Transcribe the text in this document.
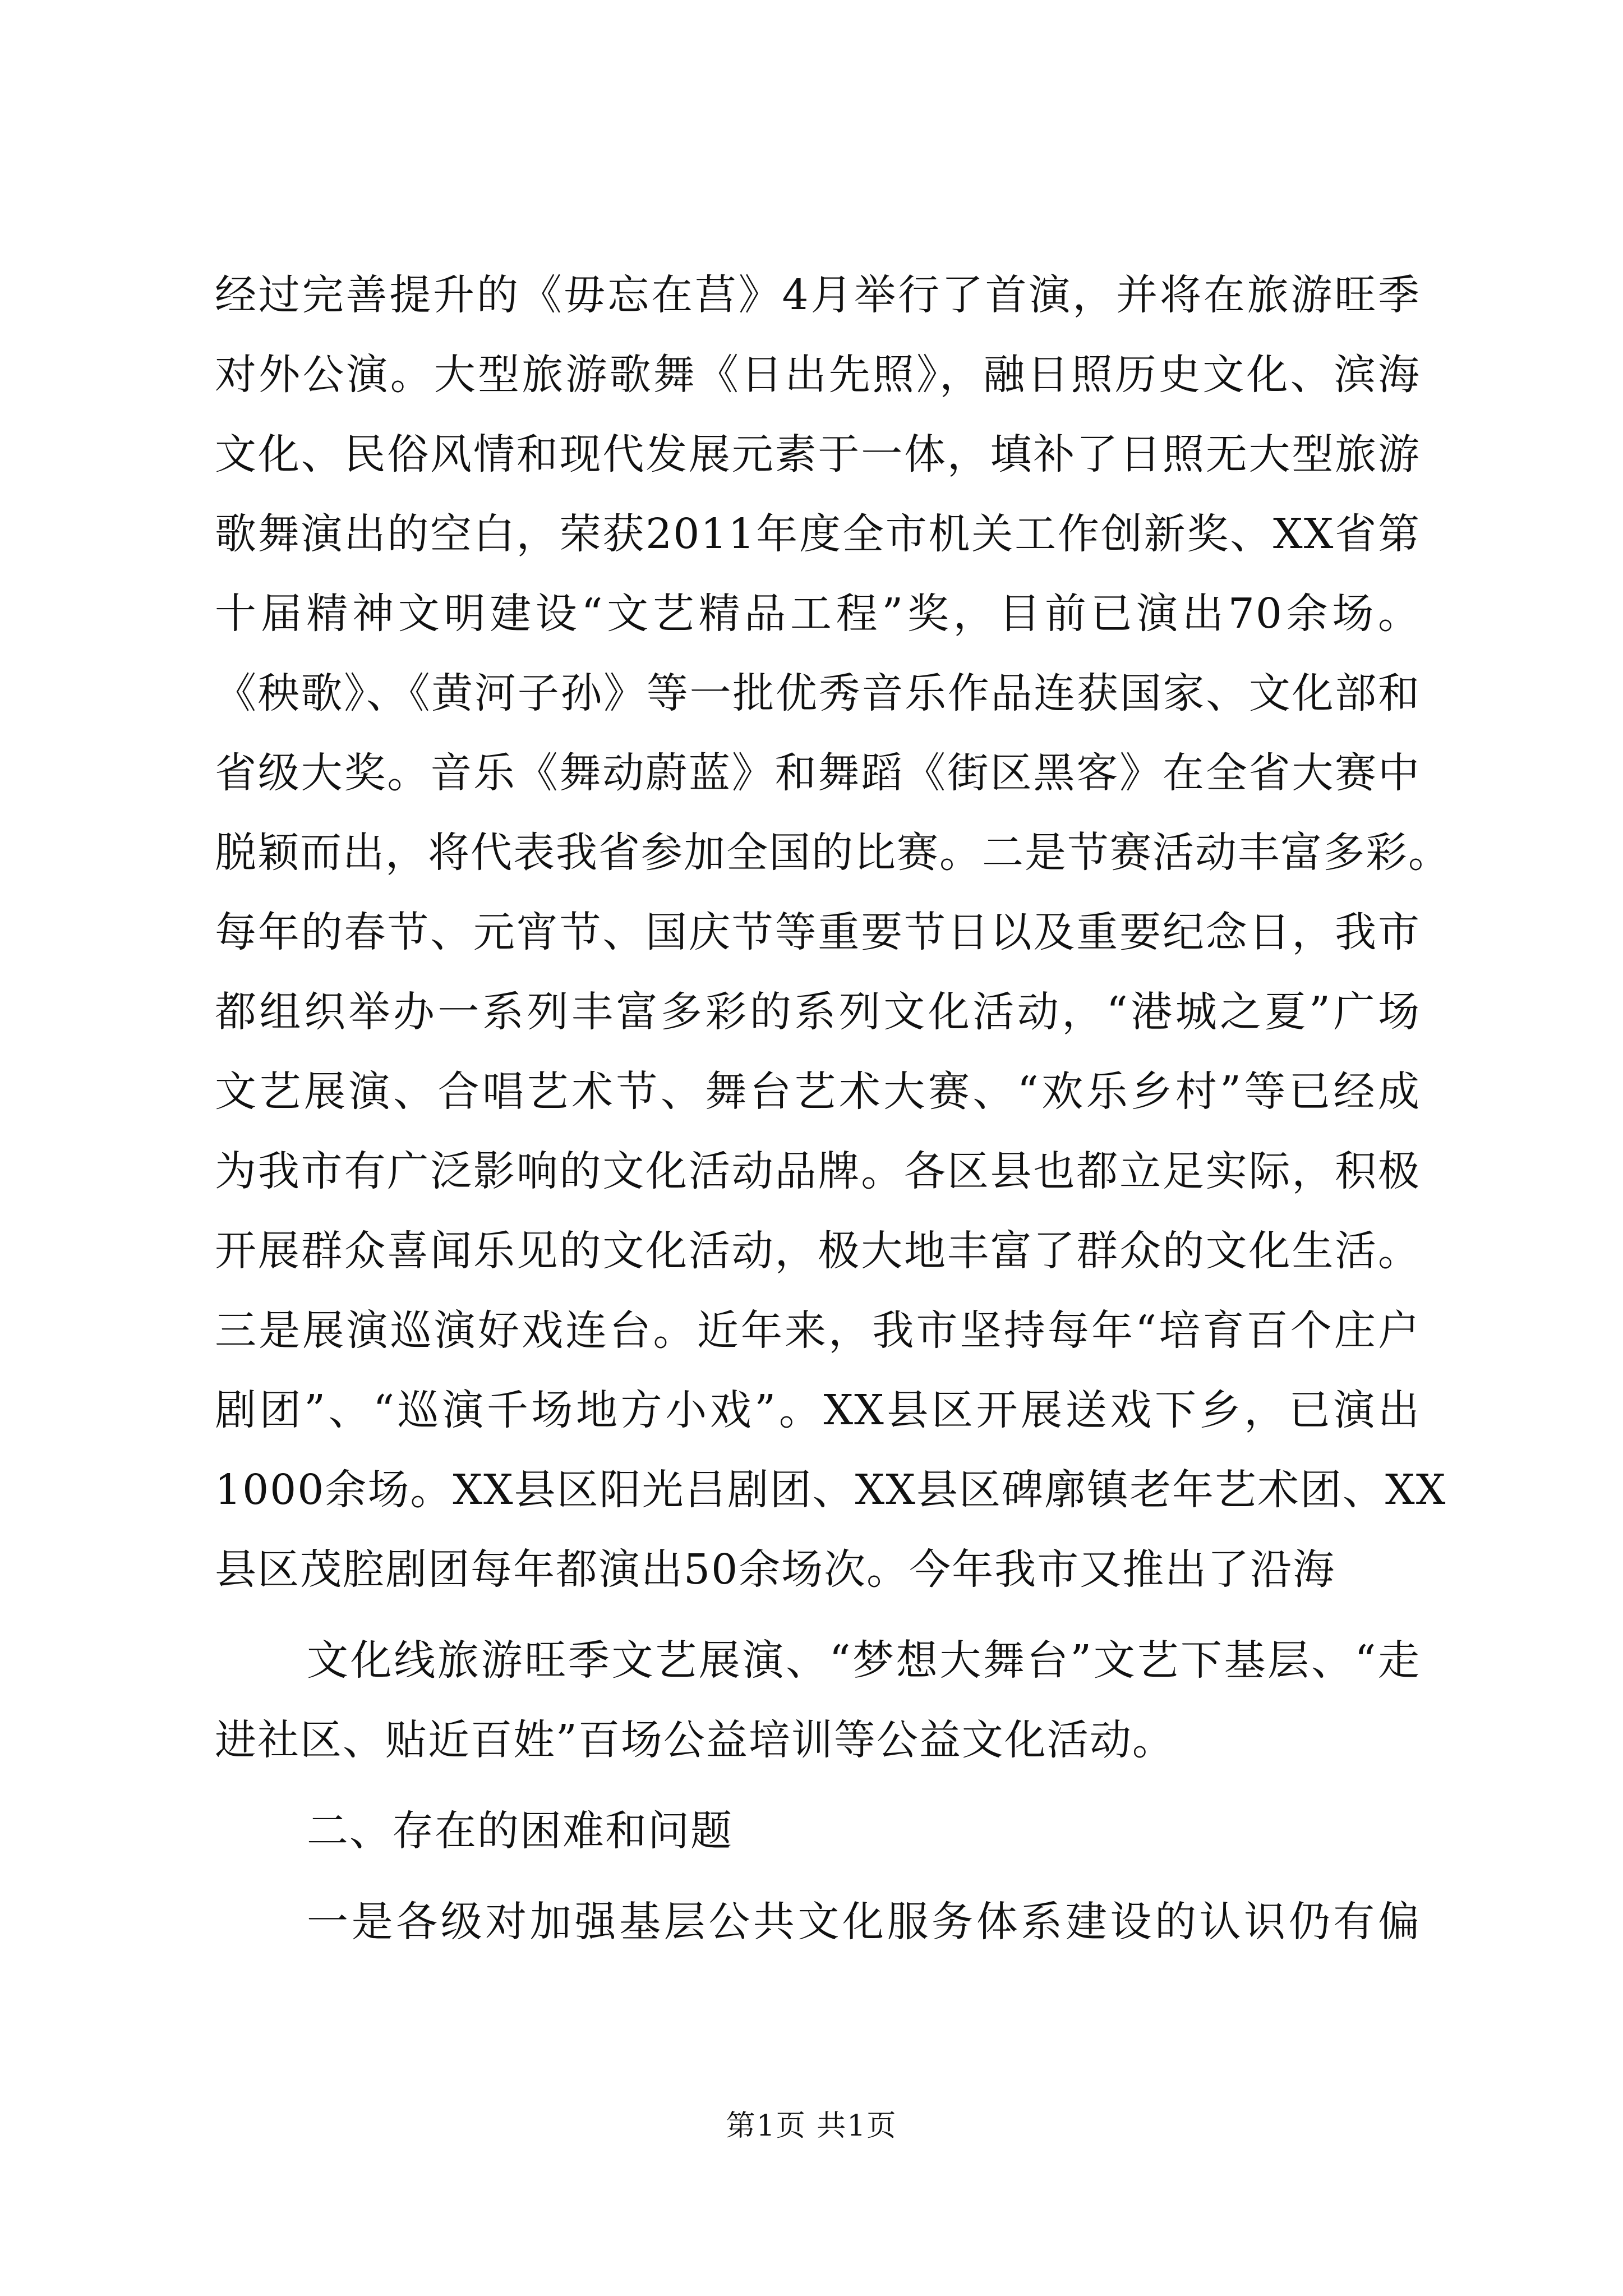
经过完善提升的《毋忘在莒》4月举行了首演，并将在旅游旺季
对外公演。大型旅游歌舞《日出先照》，融日照历史文化、滨海
文化、民俗风情和现代发展元素于一体，填补了日照无大型旅游
歌舞演出的空白，荣获2011年度全市机关工作创新奖、XX省第
十届精神文明建设“文艺精品工程”奖，目前已演出70余场。
《秧歌》、《黄河子孙》等一批优秀音乐作品连获国家、文化部和
省级大奖。音乐《舞动蔚蓝》和舞蹈《街区黑客》在全省大赛中
脱颖而出，将代表我省参加全国的比赛。二是节赛活动丰富多彩。
每年的春节、元宵节、国庆节等重要节日以及重要纪念日，我市
都组织举办一系列丰富多彩的系列文化活动，“港城之夏”广场
文艺展演、合唱艺术节、舞台艺术大赛、“欢乐乡村”等已经成
为我市有广泛影响的文化活动品牌。各区县也都立足实际，积极
开展群众喜闻乐见的文化活动，极大地丰富了群众的文化生活。
三是展演巡演好戏连台。近年来，我市坚持每年“培育百个庄户
剧团”、“巡演千场地方小戏”。XX县区开展送戏下乡，已演出
1000余场。XX县区阳光吕剧团、XX县区碑廓镇老年艺术团、XX
县区茂腔剧团每年都演出50余场次。今年我市又推出了沿海
文化线旅游旺季文艺展演、“梦想大舞台”文艺下基层、“走
进社区、贴近百姓”百场公益培训等公益文化活动。
二、存在的困难和问题
一是各级对加强基层公共文化服务体系建设的认识仍有偏
第1页 共1页
